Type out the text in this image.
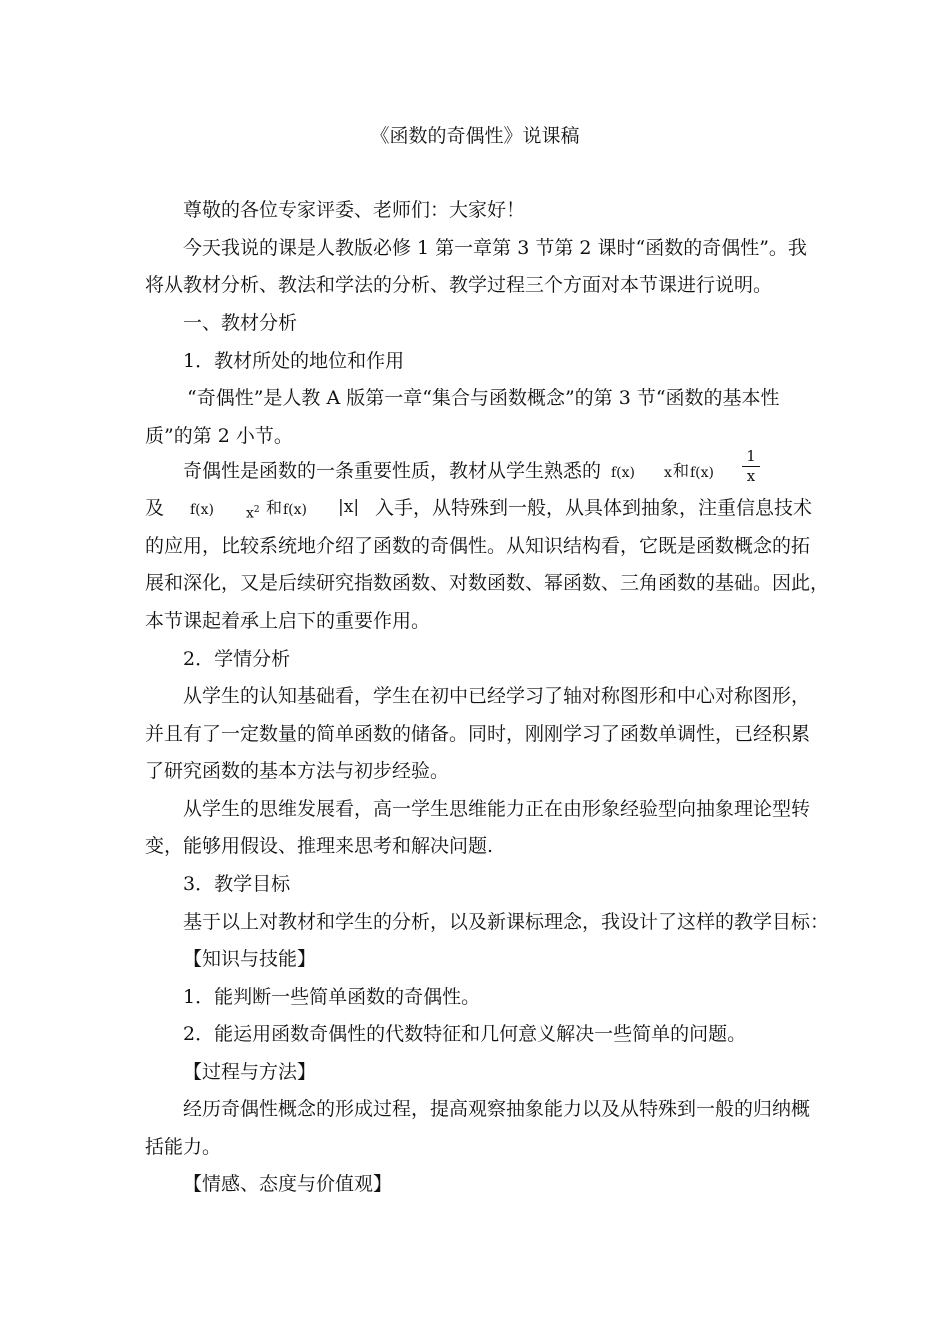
《函数的奇偶性》说课稿
尊敬的各位专家评委、老师们：大家好！
今天我说的课是人教版必修 1 第一章第 3 节第 2 课时“函数的奇偶性”。我
将从教材分析、教法和学法的分析、教学过程三个方面对本节课进行说明。
一、教材分析
1．教材所处的地位和作用
“奇偶性”是人教 A 版第一章“集合与函数概念”的第 3 节“函数的基本性
质”的第 2 小节。
奇偶性是函数的一条重要性质，教材从学生熟悉的 f(x) x 和 f(x)
1
x
及 f(x) $x^2$ 和 f(x) |x| 入手，从特殊到一般，从具体到抽象，注重信息技术
的应用，比较系统地介绍了函数的奇偶性。从知识结构看，它既是函数概念的拓
展和深化，又是后续研究指数函数、对数函数、幂函数、三角函数的基础。因此，
本节课起着承上启下的重要作用。
2．学情分析
从学生的认知基础看，学生在初中已经学习了轴对称图形和中心对称图形，
并且有了一定数量的简单函数的储备。同时，刚刚学习了函数单调性，已经积累
了研究函数的基本方法与初步经验。
从学生的思维发展看，高一学生思维能力正在由形象经验型向抽象理论型转
变，能够用假设、推理来思考和解决问题.
3．教学目标
基于以上对教材和学生的分析，以及新课标理念，我设计了这样的教学目标：
【知识与技能】
1．能判断一些简单函数的奇偶性。
2．能运用函数奇偶性的代数特征和几何意义解决一些简单的问题。
【过程与方法】
经历奇偶性概念的形成过程，提高观察抽象能力以及从特殊到一般的归纳概
括能力。
【情感、态度与价值观】
